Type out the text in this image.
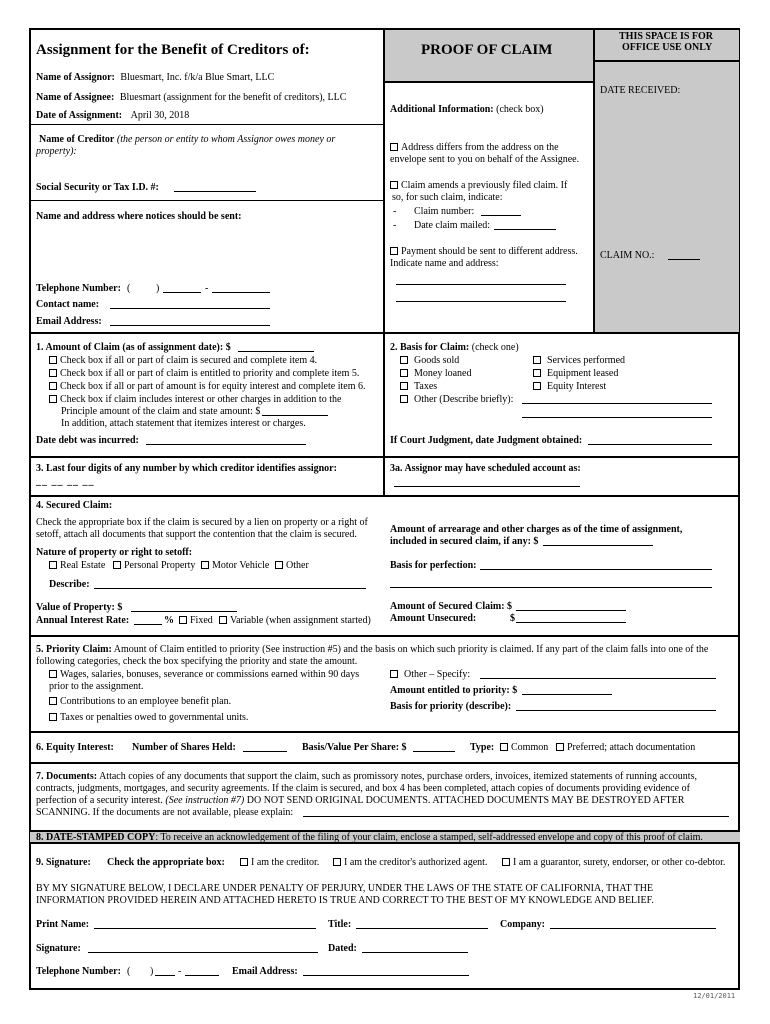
Assignment for the Benefit of Creditors of:	PROOF OF CLAIM
THIS SPACE IS FOR
OFFICE USE ONLY
Name of Assignor: Bluesmart, Inc. f/k/a Blue Smart, LLC
Name of Assignee: Bluesmart (assignment for the benefit of creditors), LLC
Date of Assignment: April 30, 2018
Name of Creditor (the person or entity to whom Assignor owes money or
property):
Social Security or Tax I.D. #:
Name and address where notices should be sent:
Telephone Number: (	)	-
Contact name:
Email Address:
Additional Information: (check box)
Address differs from the address on the
envelope sent to you on behalf of the Assignee.
Claim amends a previously filed claim. If
so, for such claim, indicate:
- Claim number:
- Date claim mailed:
Payment should be sent to different address.
Indicate name and address:
DATE RECEIVED:
CLAIM NO.:
1. Amount of Claim (as of assignment date): $
Check box if all or part of claim is secured and complete item 4.
Check box if all or part of claim is entitled to priority and complete item 5.
Check box if all or part of amount is for equity interest and complete item 6.
Check box if claim includes interest or other charges in addition to the
Principle amount of the claim and state amount: $
In addition, attach statement that itemizes interest or charges.
Date debt was incurred:
2. Basis for Claim: (check one)
Goods sold	Services performed
Money loaned	Equipment leased
Taxes	Equity Interest
Other (Describe briefly):
If Court Judgment, date Judgment obtained:
3. Last four digits of any number by which creditor identifies assignor:
__ __ __ __
3a. Assignor may have scheduled account as:
4. Secured Claim:
Check the appropriate box if the claim is secured by a lien on property or a right of
setoff, attach all documents that support the contention that the claim is secured.
Nature of property or right to setoff:
Real Estate	Personal Property	Motor Vehicle	Other
Describe:
Value of Property: $
Annual Interest Rate:	%	Fixed	Variable (when assignment started)
Amount of arrearage and other charges as of the time of assignment,
included in secured claim, if any: $
Basis for perfection:
Amount of Secured Claim: $
Amount Unsecured:	$
5. Priority Claim: Amount of Claim entitled to priority (See instruction #5) and the basis on which such priority is claimed. If any part of the claim falls into one of the
following categories, check the box specifying the priority and state the amount.
Wages, salaries, bonuses, severance or commissions earned within 90 days
prior to the assignment.
Contributions to an employee benefit plan.
Taxes or penalties owed to governmental units.
Other – Specify:
Amount entitled to priority: $
Basis for priority (describe):
6. Equity Interest: Number of Shares Held:	Basis/Value Per Share: $	Type:	Common	Preferred; attach documentation
7. Documents: Attach copies of any documents that support the claim, such as promissory notes, purchase orders, invoices, itemized statements of running accounts,
contracts, judgments, mortgages, and security agreements. If the claim is secured, and box 4 has been completed, attach copies of documents providing evidence of
perfection of a security interest. (See instruction #7) DO NOT SEND ORIGINAL DOCUMENTS. ATTACHED DOCUMENTS MAY BE DESTROYED AFTER
SCANNING. If the documents are not available, please explain:
8. DATE-STAMPED COPY: To receive an acknowledgement of the filing of your claim, enclose a stamped, self-addressed envelope and copy of this proof of claim.
9. Signature: Check the appropriate box:	I am the creditor.	I am the creditor's authorized agent.	I am a guarantor, surety, endorser, or other co-debtor.
BY MY SIGNATURE BELOW, I DECLARE UNDER PENALTY OF PERJURY, UNDER THE LAWS OF THE STATE OF CALIFORNIA, THAT THE
INFORMATION PROVIDED HEREIN AND ATTACHED HERETO IS TRUE AND CORRECT TO THE BEST OF MY KNOWLEDGE AND BELIEF.
Print Name:	Title:	Company:
Signature:	Dated:
Telephone Number: ( ) -	Email Address:
12/01/2011
